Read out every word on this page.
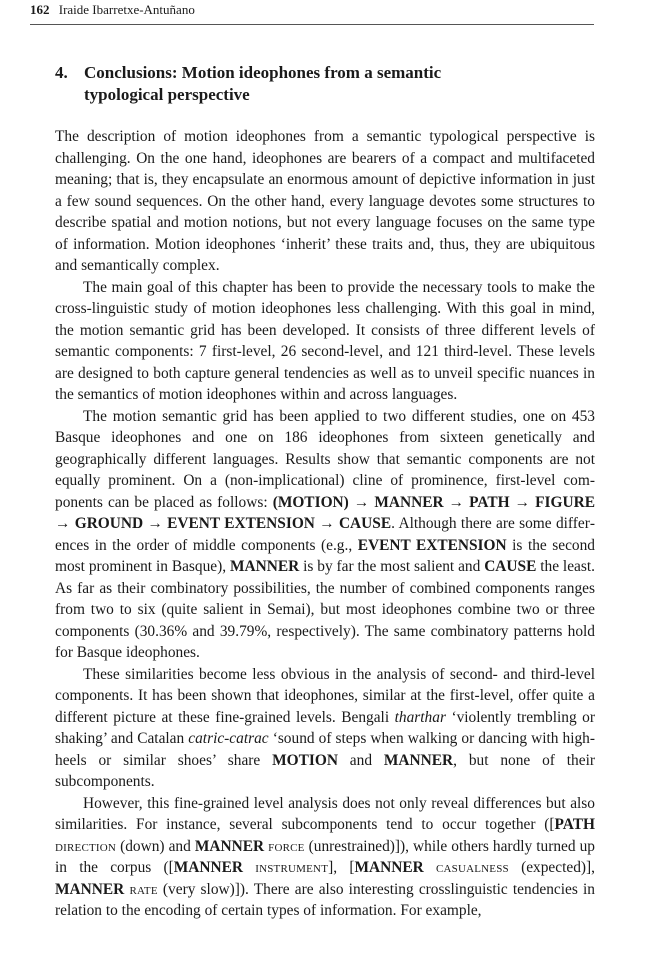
162 Iraide Ibarretxe-Antuñano
4. Conclusions: Motion ideophones from a semantic typological perspective

The description of motion ideophones from a semantic typological perspective is challenging. On the one hand, ideophones are bearers of a compact and multifaceted meaning; that is, they encapsulate an enormous amount of depictive information in just a few sound sequences. On the other hand, every language devotes some structures to describe spatial and motion notions, but not every language focuses on the same type of information. Motion ideophones ‘inherit’ these traits and, thus, they are ubiquitous and semantically complex.

The main goal of this chapter has been to provide the necessary tools to make the cross-linguistic study of motion ideophones less challenging. With this goal in mind, the motion semantic grid has been developed. It consists of three different levels of semantic components: 7 first-level, 26 second-level, and 121 third-level. These levels are designed to both capture general tendencies as well as to unveil specific nuances in the semantics of motion ideophones within and across languages.

The motion semantic grid has been applied to two different studies, one on 453 Basque ideophones and one on 186 ideophones from sixteen genetically and geographically different languages. Results show that semantic components are not equally prominent. On a (non-implicational) cline of prominence, first-level components can be placed as follows: (MOTION) → MANNER → PATH → FIGURE → GROUND → EVENT EXTENSION → CAUSE. Although there are some differences in the order of middle components (e.g., EVENT EXTENSION is the second most prominent in Basque), MANNER is by far the most salient and CAUSE the least. As far as their combinatory possibilities, the number of combined components ranges from two to six (quite salient in Semai), but most ideophones combine two or three components (30.36% and 39.79%, respectively). The same combinatory patterns hold for Basque ideophones.

These similarities become less obvious in the analysis of second- and third-level components. It has been shown that ideophones, similar at the first-level, offer quite a different picture at these fine-grained levels. Bengali tharthar ‘violently trembling or shaking’ and Catalan catric-catrac ‘sound of steps when walking or dancing with high-heels or similar shoes’ share MOTION and MANNER, but none of their subcomponents.

However, this fine-grained level analysis does not only reveal differences but also similarities. For instance, several subcomponents tend to occur together ([PATH direction (down) and MANNER force (unrestrained)]), while others hardly turned up in the corpus ([MANNER instrument], [MANNER casualness (expected)], MANNER rate (very slow)]). There are also interesting crosslinguistic tendencies in relation to the encoding of certain types of information. For example,
